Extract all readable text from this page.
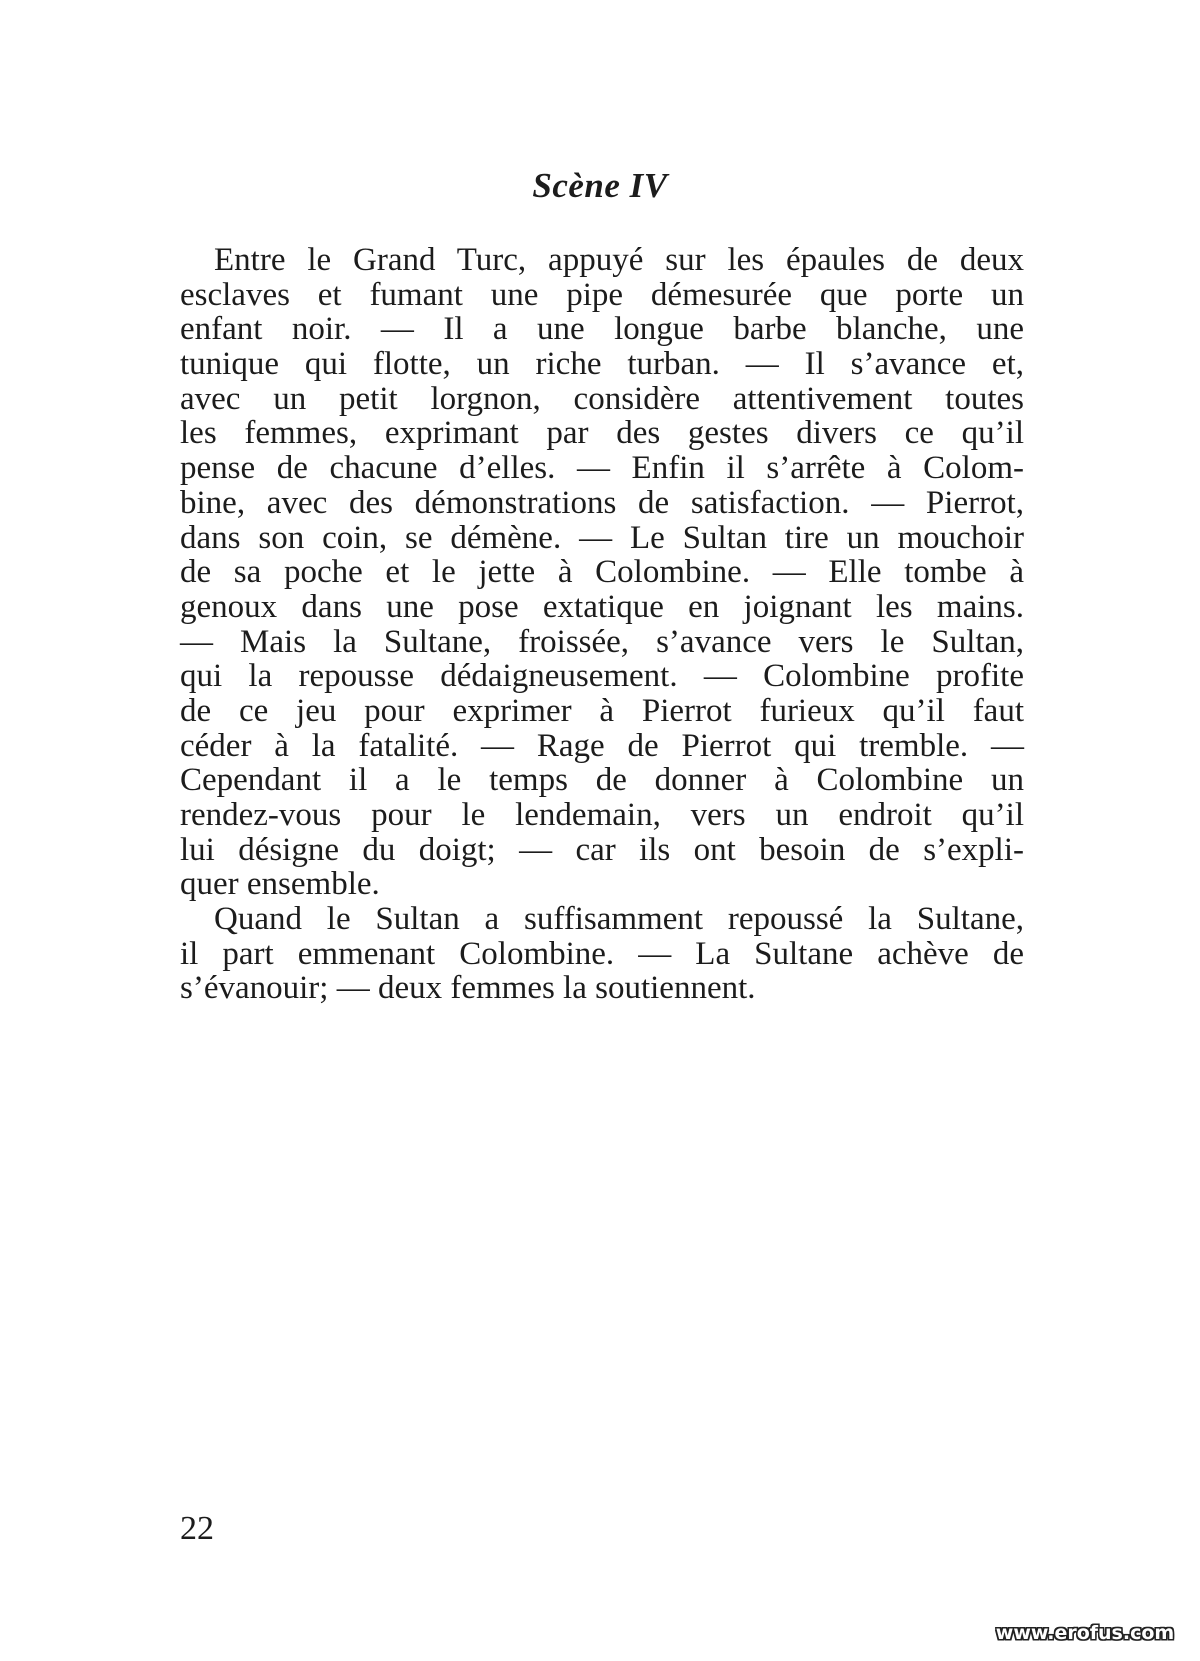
Scène IV
Entre le Grand Turc, appuyé sur les épaules de deux
esclaves et fumant une pipe démesurée que porte un
enfant noir. — Il a une longue barbe blanche, une
tunique qui flotte, un riche turban. — Il s’avance et,
avec un petit lorgnon, considère attentivement toutes
les femmes, exprimant par des gestes divers ce qu’il
pense de chacune d’elles. — Enfin il s’arrête à Colom-
bine, avec des démonstrations de satisfaction. — Pierrot,
dans son coin, se démène. — Le Sultan tire un mouchoir
de sa poche et le jette à Colombine. — Elle tombe à
genoux dans une pose extatique en joignant les mains.
— Mais la Sultane, froissée, s’avance vers le Sultan,
qui la repousse dédaigneusement. — Colombine profite
de ce jeu pour exprimer à Pierrot furieux qu’il faut
céder à la fatalité. — Rage de Pierrot qui tremble. —
Cependant il a le temps de donner à Colombine un
rendez-vous pour le lendemain, vers un endroit qu’il
lui désigne du doigt; — car ils ont besoin de s’expli-
quer ensemble.
Quand le Sultan a suffisamment repoussé la Sultane,
il part emmenant Colombine. — La Sultane achève de
s’évanouir; — deux femmes la soutiennent.
22
www.erofus.com
